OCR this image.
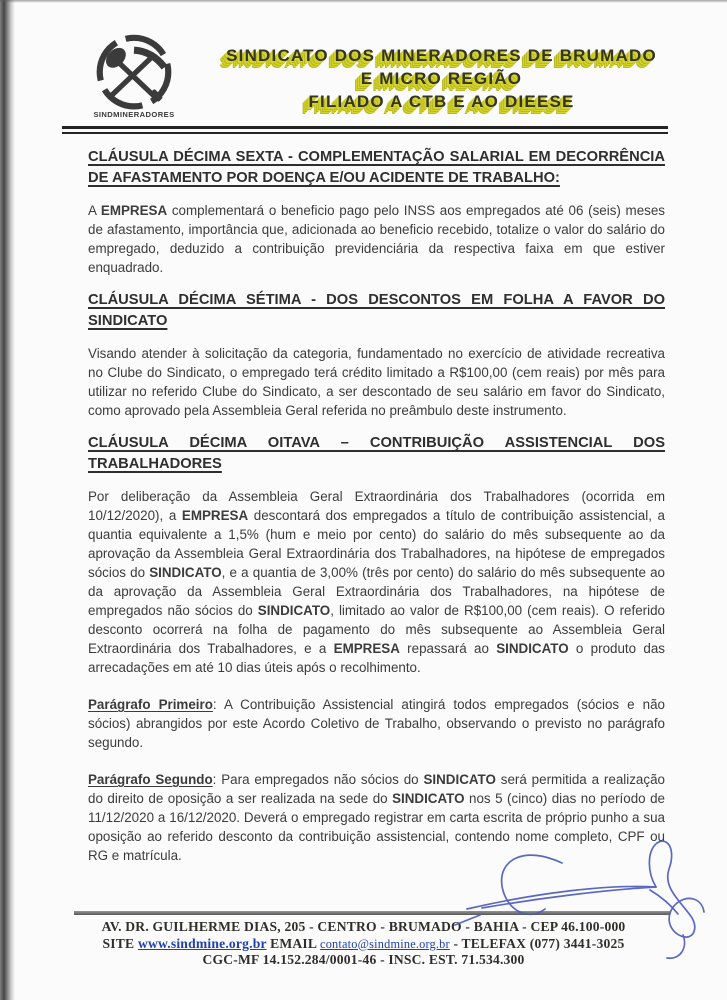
SINDMINERADORES
SINDICATO DOS MINERADORES DE BRUMADO
E MICRO REGIÃO
FILIADO A CTB E AO DIEESE
CLÁUSULA DÉCIMA SEXTA - COMPLEMENTAÇÃO SALARIAL EM DECORRÊNCIA DE AFASTAMENTO POR DOENÇA E/OU ACIDENTE DE TRABALHO:

A EMPRESA complementará o beneficio pago pelo INSS aos empregados até 06 (seis) meses de afastamento, importância que, adicionada ao beneficio recebido, totalize o valor do salário do empregado, deduzido a contribuição previdenciária da respectiva faixa em que estiver enquadrado.

CLÁUSULA DÉCIMA SÉTIMA - DOS DESCONTOS EM FOLHA A FAVOR DO SINDICATO

Visando atender à solicitação da categoria, fundamentado no exercício de atividade recreativa no Clube do Sindicato, o empregado terá crédito limitado a R$100,00 (cem reais) por mês para utilizar no referido Clube do Sindicato, a ser descontado de seu salário em favor do Sindicato, como aprovado pela Assembleia Geral referida no preâmbulo deste instrumento.

CLÁUSULA DÉCIMA OITAVA – CONTRIBUIÇÃO ASSISTENCIAL DOS TRABALHADORES

Por deliberação da Assembleia Geral Extraordinária dos Trabalhadores (ocorrida em 10/12/2020), a EMPRESA descontará dos empregados a título de contribuição assistencial, a quantia equivalente a 1,5% (hum e meio por cento) do salário do mês subsequente ao da aprovação da Assembleia Geral Extraordinária dos Trabalhadores, na hipótese de empregados sócios do SINDICATO, e a quantia de 3,00% (três por cento) do salário do mês subsequente ao da aprovação da Assembleia Geral Extraordinária dos Trabalhadores, na hipótese de empregados não sócios do SINDICATO, limitado ao valor de R$100,00 (cem reais). O referido desconto ocorrerá na folha de pagamento do mês subsequente ao Assembleia Geral Extraordinária dos Trabalhadores, e a EMPRESA repassará ao SINDICATO o produto das arrecadações em até 10 dias úteis após o recolhimento.

Parágrafo Primeiro: A Contribuição Assistencial atingirá todos empregados (sócios e não sócios) abrangidos por este Acordo Coletivo de Trabalho, observando o previsto no parágrafo segundo.

Parágrafo Segundo: Para empregados não sócios do SINDICATO será permitida a realização do direito de oposição a ser realizada na sede do SINDICATO nos 5 (cinco) dias no período de 11/12/2020 a 16/12/2020. Deverá o empregado registrar em carta escrita de próprio punho a sua oposição ao referido desconto da contribuição assistencial, contendo nome completo, CPF ou RG e matrícula.

AV. DR. GUILHERME DIAS, 205 - CENTRO - BRUMADO - BAHIA - CEP 46.100-000
SITE www.sindmine.org.br EMAIL contato@sindmine.org.br - TELEFAX (077) 3441-3025
CGC-MF 14.152.284/0001-46 - INSC. EST. 71.534.300
